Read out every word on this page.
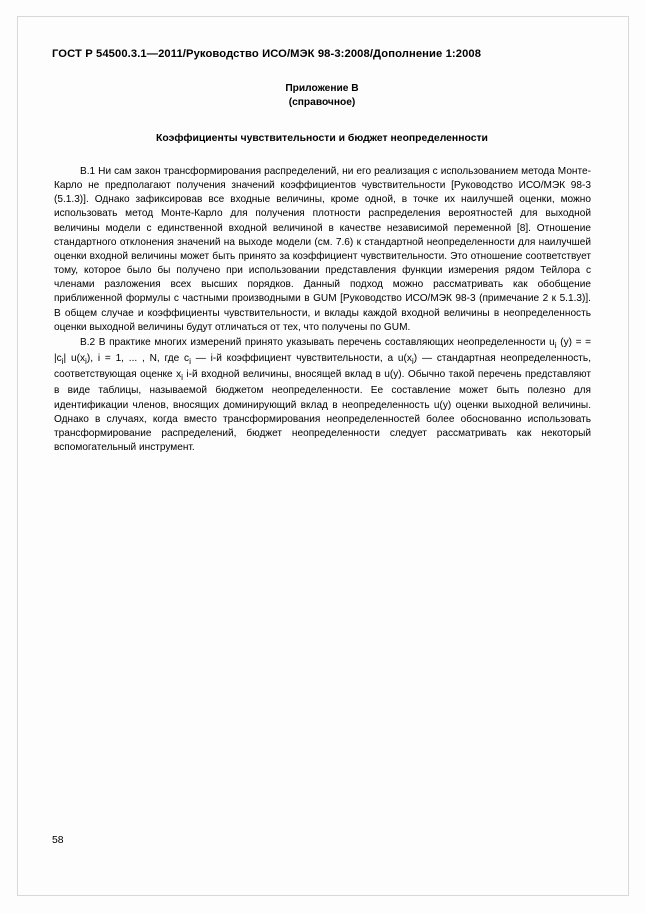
ГОСТ Р 54500.3.1—2011/Руководство ИСО/МЭК 98-3:2008/Дополнение 1:2008
Приложение В
(справочное)
Коэффициенты чувствительности и бюджет неопределенности

В.1 Ни сам закон трансформирования распределений, ни его реализация с использованием метода Монте-Карло не предполагают получения значений коэффициентов чувствительности [Руководство ИСО/МЭК 98-3 (5.1.3)]. Однако зафиксировав все входные величины, кроме одной, в точке их наилучшей оценки, можно использовать метод Монте-Карло для получения плотности распределения вероятностей для выходной величины модели с единственной входной величиной в качестве независимой переменной [8]. Отношение стандартного отклонения значений на выходе модели (см. 7.6) к стандартной неопределенности для наилучшей оценки входной величины может быть принято за коэффициент чувствительности. Это отношение соответствует тому, которое было бы получено при использовании представления функции измерения рядом Тейлора с членами разложения всех высших порядков. Данный подход можно рассматривать как обобщение приближенной формулы с частными производными в GUM [Руководство ИСО/МЭК 98-3 (примечание 2 к 5.1.3)]. В общем случае и коэффициенты чувствительности, и вклады каждой входной величины в неопределенность оценки выходной величины будут отличаться от тех, что получены по GUM.

В.2 В практике многих измерений принято указывать перечень составляющих неопределенности $u_i$ (y) = = $|c_i|$ $u(x_i)$, i = 1, ... , N, где $c_i$ — i-й коэффициент чувствительности, а $u(x_i)$ — стандартная неопределенность, соответствующая оценке $x_i$ i-й входной величины, вносящей вклад в u(y). Обычно такой перечень представляют в виде таблицы, называемой бюджетом неопределенности. Ее составление может быть полезно для идентификации членов, вносящих доминирующий вклад в неопределенность u(y) оценки выходной величины. Однако в случаях, когда вместо трансформирования неопределенностей более обоснованно использовать трансформирование распределений, бюджет неопределенности следует рассматривать как некоторый вспомогательный инструмент.

58
